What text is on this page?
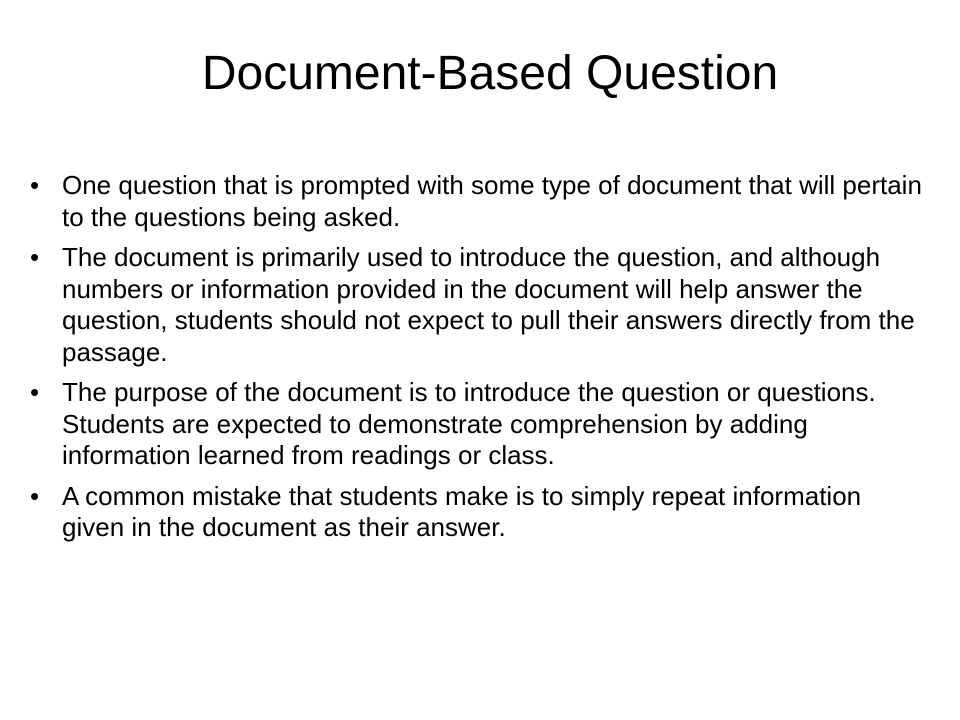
Document-Based Question
• One question that is prompted with some type of document that will pertain to the questions being asked.
• The document is primarily used to introduce the question, and although numbers or information provided in the document will help answer the question, students should not expect to pull their answers directly from the passage.
• The purpose of the document is to introduce the question or questions. Students are expected to demonstrate comprehension by adding information learned from readings or class.
• A common mistake that students make is to simply repeat information given in the document as their answer.
